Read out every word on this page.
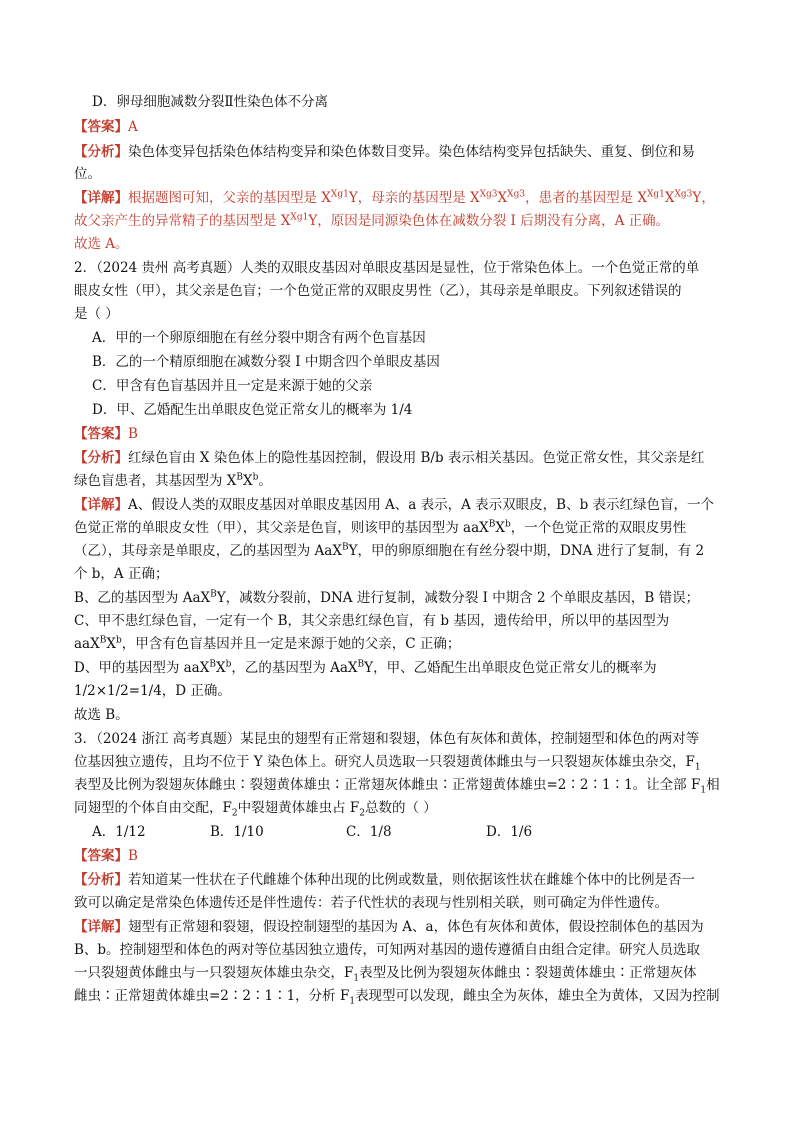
D．卵母细胞减数分裂Ⅱ性染色体不分离
【答案】A
【分析】染色体变异包括染色体结构变异和染色体数目变异。染色体结构变异包括缺失、重复、倒位和易
位。
【详解】根据题图可知，父亲的基因型是 $X^{Xg1}Y$，母亲的基因型是 $X^{Xg3}X^{Xg3}$，患者的基因型是 $X^{Xg1}X^{Xg3}Y$，
故父亲产生的异常精子的基因型是 $X^{Xg1}Y$，原因是同源染色体在减数分裂 I 后期没有分离，A 正确。
故选 A。
2．（2024 贵州 高考真题）人类的双眼皮基因对单眼皮基因是显性，位于常染色体上。一个色觉正常的单
眼皮女性（甲），其父亲是色盲；一个色觉正常的双眼皮男性（乙），其母亲是单眼皮。下列叙述错误的
是（ ）
A．甲的一个卵原细胞在有丝分裂中期含有两个色盲基因
B．乙的一个精原细胞在减数分裂 I 中期含四个单眼皮基因
C．甲含有色盲基因并且一定是来源于她的父亲
D．甲、乙婚配生出单眼皮色觉正常女儿的概率为 1/4
【答案】B
【分析】红绿色盲由 X 染色体上的隐性基因控制，假设用 B/b 表示相关基因。色觉正常女性，其父亲是红
绿色盲患者，其基因型为 $X^BX^b$。
【详解】A、假设人类的双眼皮基因对单眼皮基因用 A、a 表示，A 表示双眼皮，B、b 表示红绿色盲，一个
色觉正常的单眼皮女性（甲），其父亲是色盲，则该甲的基因型为 $aaX^BX^b$，一个色觉正常的双眼皮男性
（乙），其母亲是单眼皮，乙的基因型为 AaX$^B$Y，甲的卵原细胞在有丝分裂中期，DNA 进行了复制，有 2
个 b，A 正确；
B、乙的基因型为 AaX$^B$Y，减数分裂前，DNA 进行复制，减数分裂 I 中期含 2 个单眼皮基因，B 错误；
C、甲不患红绿色盲，一定有一个 B，其父亲患红绿色盲，有 b 基因，遗传给甲，所以甲的基因型为
$aaX^BX^b$，甲含有色盲基因并且一定是来源于她的父亲，C 正确；
D、甲的基因型为 $aaX^BX^b$，乙的基因型为 AaX$^B$Y，甲、乙婚配生出单眼皮色觉正常女儿的概率为
1/2×1/2=1/4，D 正确。
故选 B。
3．（2024 浙江 高考真题）某昆虫的翅型有正常翅和裂翅，体色有灰体和黄体，控制翅型和体色的两对等
位基因独立遗传，且均不位于 Y 染色体上。研究人员选取一只裂翅黄体雌虫与一只裂翅灰体雄虫杂交，$F_1$
表型及比例为裂翅灰体雌虫∶裂翅黄体雄虫∶正常翅灰体雌虫∶正常翅黄体雄虫=2∶2∶1∶1。让全部 $F_1$相
同翅型的个体自由交配，$F_2$中裂翅黄体雄虫占 $F_2$总数的（ ）
A．1/12	B．1/10	C．1/8	D．1/6
【答案】B
【分析】若知道某一性状在子代雌雄个体种出现的比例或数量，则依据该性状在雌雄个体中的比例是否一
致可以确定是常染色体遗传还是伴性遗传：若子代性状的表现与性别相关联，则可确定为伴性遗传。
【详解】翅型有正常翅和裂翅，假设控制翅型的基因为 A、a，体色有灰体和黄体，假设控制体色的基因为
B、b。控制翅型和体色的两对等位基因独立遗传，可知两对基因的遗传遵循自由组合定律。研究人员选取
一只裂翅黄体雌虫与一只裂翅灰体雄虫杂交，$F_1$表型及比例为裂翅灰体雌虫∶裂翅黄体雄虫∶正常翅灰体
雌虫∶正常翅黄体雄虫=2∶2∶1∶1，分析 $F_1$表现型可以发现，雌虫全为灰体，雄虫全为黄体，又因为控制
